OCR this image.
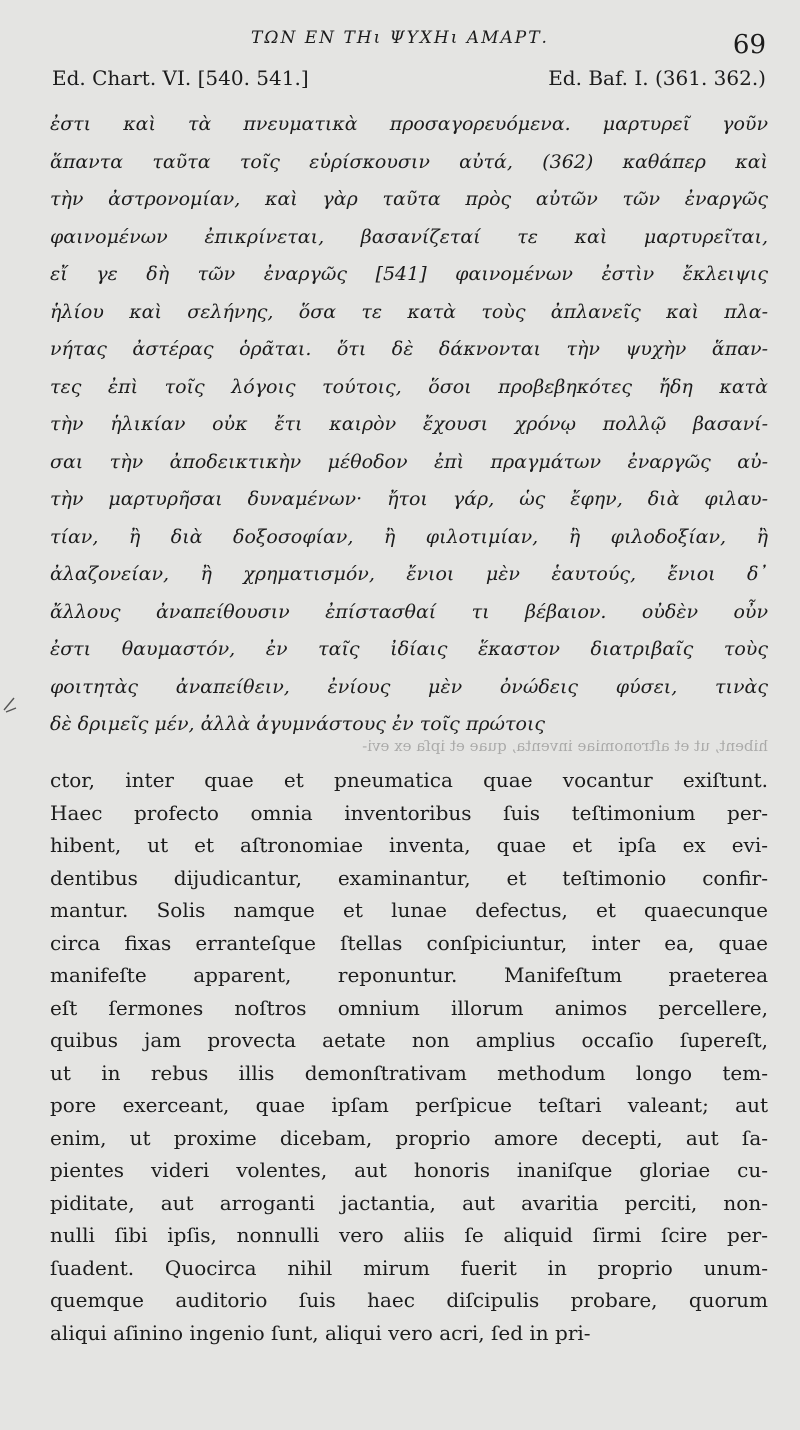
ΤΩΝ ΕΝ ΤΗι ΨΥΧΗι ΑΜΑΡΤ.	69
Ed. Chart. VI. [540. 541.]	Ed. Baf. I. (361. 362.)
ἐστι καὶ τὰ πνευματικὰ προσαγορευόμενα. μαρτυρεῖ γοῦν
ἅπαντα ταῦτα τοῖς εὑρίσκουσιν αὐτά, (362) καθάπερ καὶ
τὴν ἀστρονομίαν, καὶ γὰρ ταῦτα πρὸς αὐτῶν τῶν ἐναργῶς
φαινομένων ἐπικρίνεται, βασανίζεταί τε καὶ μαρτυρεῖται,
εἴ γε δὴ τῶν ἐναργῶς [541] φαινομένων ἐστὶν ἔκλειψις
ἡλίου καὶ σελήνης, ὅσα τε κατὰ τοὺς ἀπλανεῖς καὶ πλα-
νήτας ἀστέρας ὁρᾶται. ὅτι δὲ δάκνονται τὴν ψυχὴν ἅπαν-
τες ἐπὶ τοῖς λόγοις τούτοις, ὅσοι προβεβηκότες ἤδη κατὰ
τὴν ἡλικίαν οὐκ ἔτι καιρὸν ἔχουσι χρόνῳ πολλῷ βασανί-
σαι τὴν ἀποδεικτικὴν μέθοδον ἐπὶ πραγμάτων ἐναργῶς αὐ-
τὴν μαρτυρῆσαι δυναμένων· ἤτοι γάρ, ὡς ἔφην, διὰ φιλαυ-
τίαν, ἢ διὰ δοξοσοφίαν, ἢ φιλοτιμίαν, ἢ φιλοδοξίαν, ἢ
ἀλαζονείαν, ἢ χρηματισμόν, ἔνιοι μὲν ἑαυτούς, ἔνιοι δ᾽
ἄλλους ἀναπείθουσιν ἐπίστασθαί τι βέβαιον. οὐδὲν οὖν
ἐστι θαυμαστόν, ἐν ταῖς ἰδίαις ἕκαστον διατριβαῖς τοὺς
φοιτητὰς ἀναπείθειν, ἐνίους μὲν ὀνώδεις φύσει, τινὰς
δὲ δριμεῖς μέν, ἀλλὰ ἀγυμνάστους ἐν τοῖς πρώτοις
hibent, ut et aſtronomiae inventa, quae et ipſa ex evi-
ctor, inter quae et pneumatica quae vocantur exiſtunt.
Haec profecto omnia inventoribus ſuis teſtimonium per-
hibent, ut et aſtronomiae inventa, quae et ipſa ex evi-
dentibus dijudicantur, examinantur, et teſtimonio confir-
mantur. Solis namque et lunae defectus, et quaecunque
circa fixas erranteſque ſtellas conſpiciuntur, inter ea, quae
manifeſte apparent, reponuntur. Manifeſtum praeterea
eſt ſermones noſtros omnium illorum animos percellere,
quibus jam provecta aetate non amplius occaſio ſupereſt,
ut in rebus illis demonſtrativam methodum longo tem-
pore exerceant, quae ipſam perſpicue teſtari valeant; aut
enim, ut proxime dicebam, proprio amore decepti, aut ſa-
pientes videri volentes, aut honoris inaniſque gloriae cu-
piditate, aut arroganti jactantia, aut avaritia perciti, non-
nulli ſibi ipſis, nonnulli vero aliis ſe aliquid ſirmi ſcire per-
ſuadent. Quocirca nihil mirum fuerit in proprio unum-
quemque auditorio ſuis haec diſcipulis probare, quorum
aliqui aſinino ingenio ſunt, aliqui vero acri, ſed in pri-
